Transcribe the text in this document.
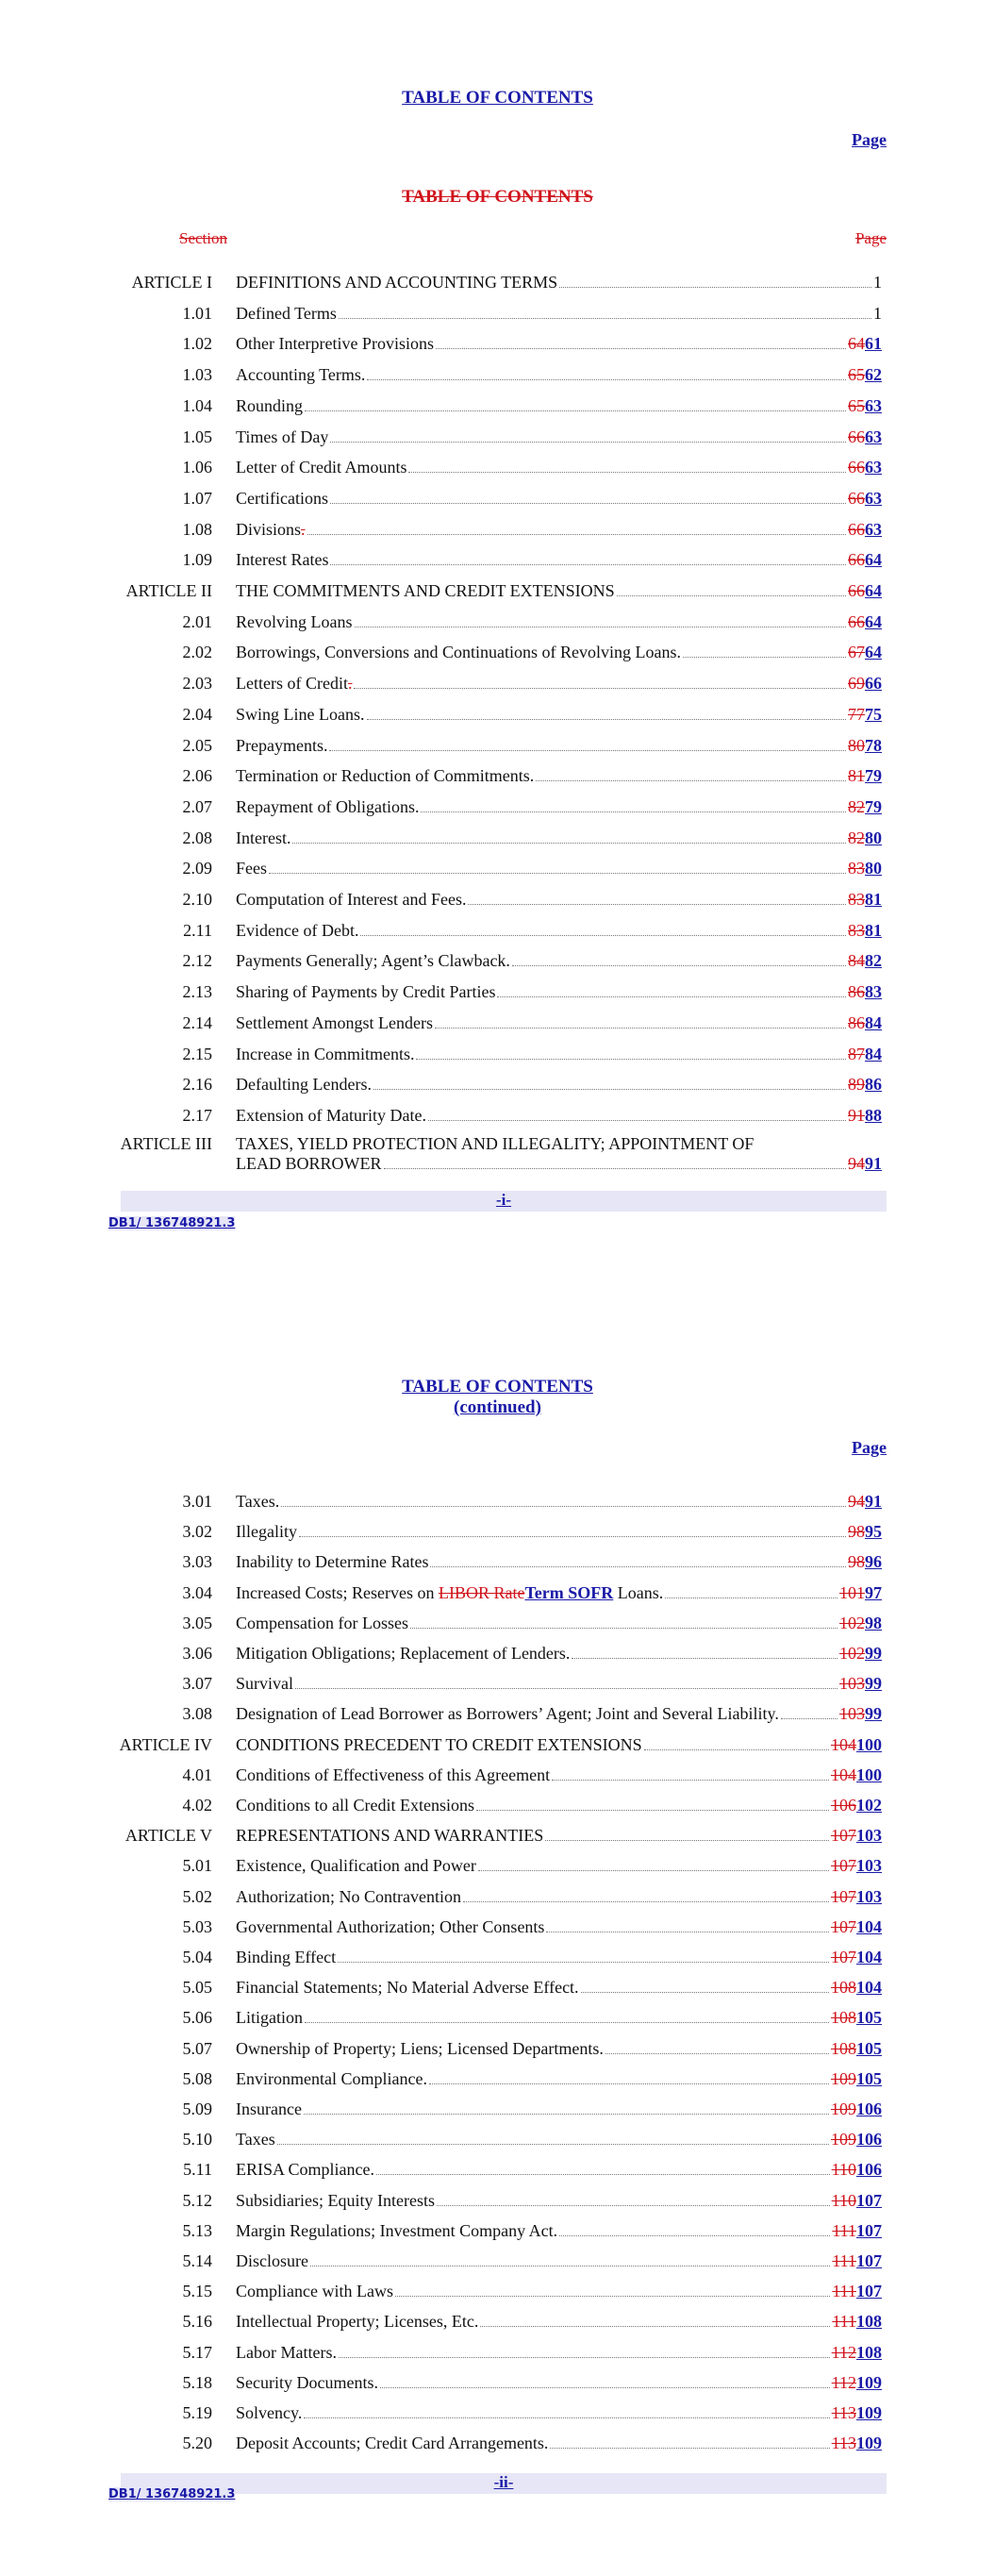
TABLE OF CONTENTS
Page
TABLE OF CONTENTS
Section	Page
ARTICLE I DEFINITIONS AND ACCOUNTING TERMS	1
1.01 Defined Terms	1
1.02 Other Interpretive Provisions	6461
1.03 Accounting Terms.	6562
1.04 Rounding	6563
1.05 Times of Day	6663
1.06 Letter of Credit Amounts	6663
1.07 Certifications	6663
1.08 Divisions.	6663
1.09 Interest Rates	6664
ARTICLE II THE COMMITMENTS AND CREDIT EXTENSIONS	6664
2.01 Revolving Loans	6664
2.02 Borrowings, Conversions and Continuations of Revolving Loans.	6764
2.03 Letters of Credit.	6966
2.04 Swing Line Loans.	7775
2.05 Prepayments.	8078
2.06 Termination or Reduction of Commitments.	8179
2.07 Repayment of Obligations.	8279
2.08 Interest.	8280
2.09 Fees	8380
2.10 Computation of Interest and Fees.	8381
2.11 Evidence of Debt.	8381
2.12 Payments Generally; Agent’s Clawback.	8482
2.13 Sharing of Payments by Credit Parties	8683
2.14 Settlement Amongst Lenders	8684
2.15 Increase in Commitments.	8784
2.16 Defaulting Lenders.	8986
2.17 Extension of Maturity Date.	9188
ARTICLE III TAXES, YIELD PROTECTION AND ILLEGALITY; APPOINTMENT OF
LEAD BORROWER	9491
-i-
DB1/ 136748921.3
TABLE OF CONTENTS
(continued)
Page
3.01 Taxes.	9491
3.02 Illegality	9895
3.03 Inability to Determine Rates	9896
3.04 Increased Costs; Reserves on LIBOR RateTerm SOFR Loans.	10197
3.05 Compensation for Losses	10298
3.06 Mitigation Obligations; Replacement of Lenders.	10299
3.07 Survival	10399
3.08 Designation of Lead Borrower as Borrowers’ Agent; Joint and Several Liability.	10399
ARTICLE IV CONDITIONS PRECEDENT TO CREDIT EXTENSIONS	104100
4.01 Conditions of Effectiveness of this Agreement	104100
4.02 Conditions to all Credit Extensions	106102
ARTICLE V REPRESENTATIONS AND WARRANTIES	107103
5.01 Existence, Qualification and Power	107103
5.02 Authorization; No Contravention	107103
5.03 Governmental Authorization; Other Consents	107104
5.04 Binding Effect	107104
5.05 Financial Statements; No Material Adverse Effect.	108104
5.06 Litigation	108105
5.07 Ownership of Property; Liens; Licensed Departments.	108105
5.08 Environmental Compliance.	109105
5.09 Insurance	109106
5.10 Taxes	109106
5.11 ERISA Compliance.	110106
5.12 Subsidiaries; Equity Interests	110107
5.13 Margin Regulations; Investment Company Act.	111107
5.14 Disclosure	111107
5.15 Compliance with Laws	111107
5.16 Intellectual Property; Licenses, Etc.	111108
5.17 Labor Matters.	112108
5.18 Security Documents.	112109
5.19 Solvency.	113109
5.20 Deposit Accounts; Credit Card Arrangements.	113109
-ii-
DB1/ 136748921.3
